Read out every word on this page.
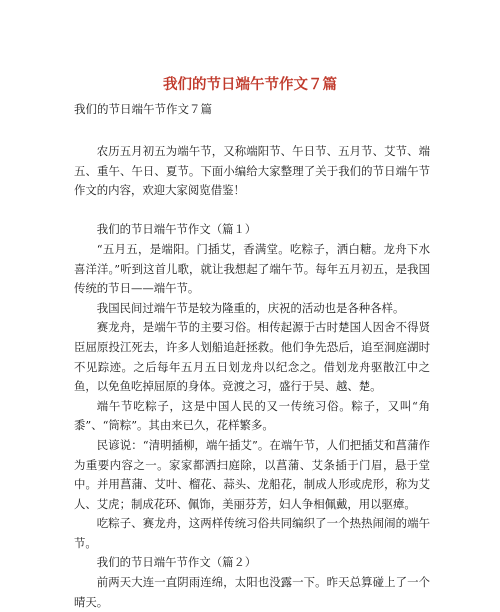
我们的节日端午节作文７篇

我们的节日端午节作文７篇

农历五月初五为端午节，又称端阳节、午日节、五月节、艾节、端五、重午、午日、夏节。下面小编给大家整理了关于我们的节日端午节作文的内容，欢迎大家阅览借鉴！

我们的节日端午节作文（篇１）

“五月五，是端阳。门插艾，香满堂。吃粽子，洒白糖。龙舟下水喜洋洋。”听到这首儿歌，就让我想起了端午节。每年五月初五，是我国传统的节日——端午节。

我国民间过端午节是较为隆重的，庆祝的活动也是各种各样。

赛龙舟，是端午节的主要习俗。相传起源于古时楚国人因舍不得贤臣屈原投江死去，许多人划船追赶拯救。他们争先恐后，追至洞庭湖时不见踪迹。之后每年五月五日划龙舟以纪念之。借划龙舟驱散江中之鱼，以免鱼吃掉屈原的身体。竞渡之习，盛行于吴、越、楚。

端午节吃粽子，这是中国人民的又一传统习俗。粽子，又叫“角黍”、“筒粽”。其由来已久，花样繁多。

民谚说：“清明插柳，端午插艾”。在端午节，人们把插艾和菖蒲作为重要内容之一。家家都洒扫庭除，以菖蒲、艾条插于门眉，悬于堂中。并用菖蒲、艾叶、榴花、蒜头、龙船花，制成人形或虎形，称为艾人、艾虎；制成花环、佩饰，美丽芬芳，妇人争相佩戴，用以驱瘴。

吃粽子、赛龙舟，这两样传统习俗共同编织了一个热热闹闹的端午节。

我们的节日端午节作文（篇２）

前两天大连一直阴雨连绵，太阳也没露一下。昨天总算碰上了一个晴天。
